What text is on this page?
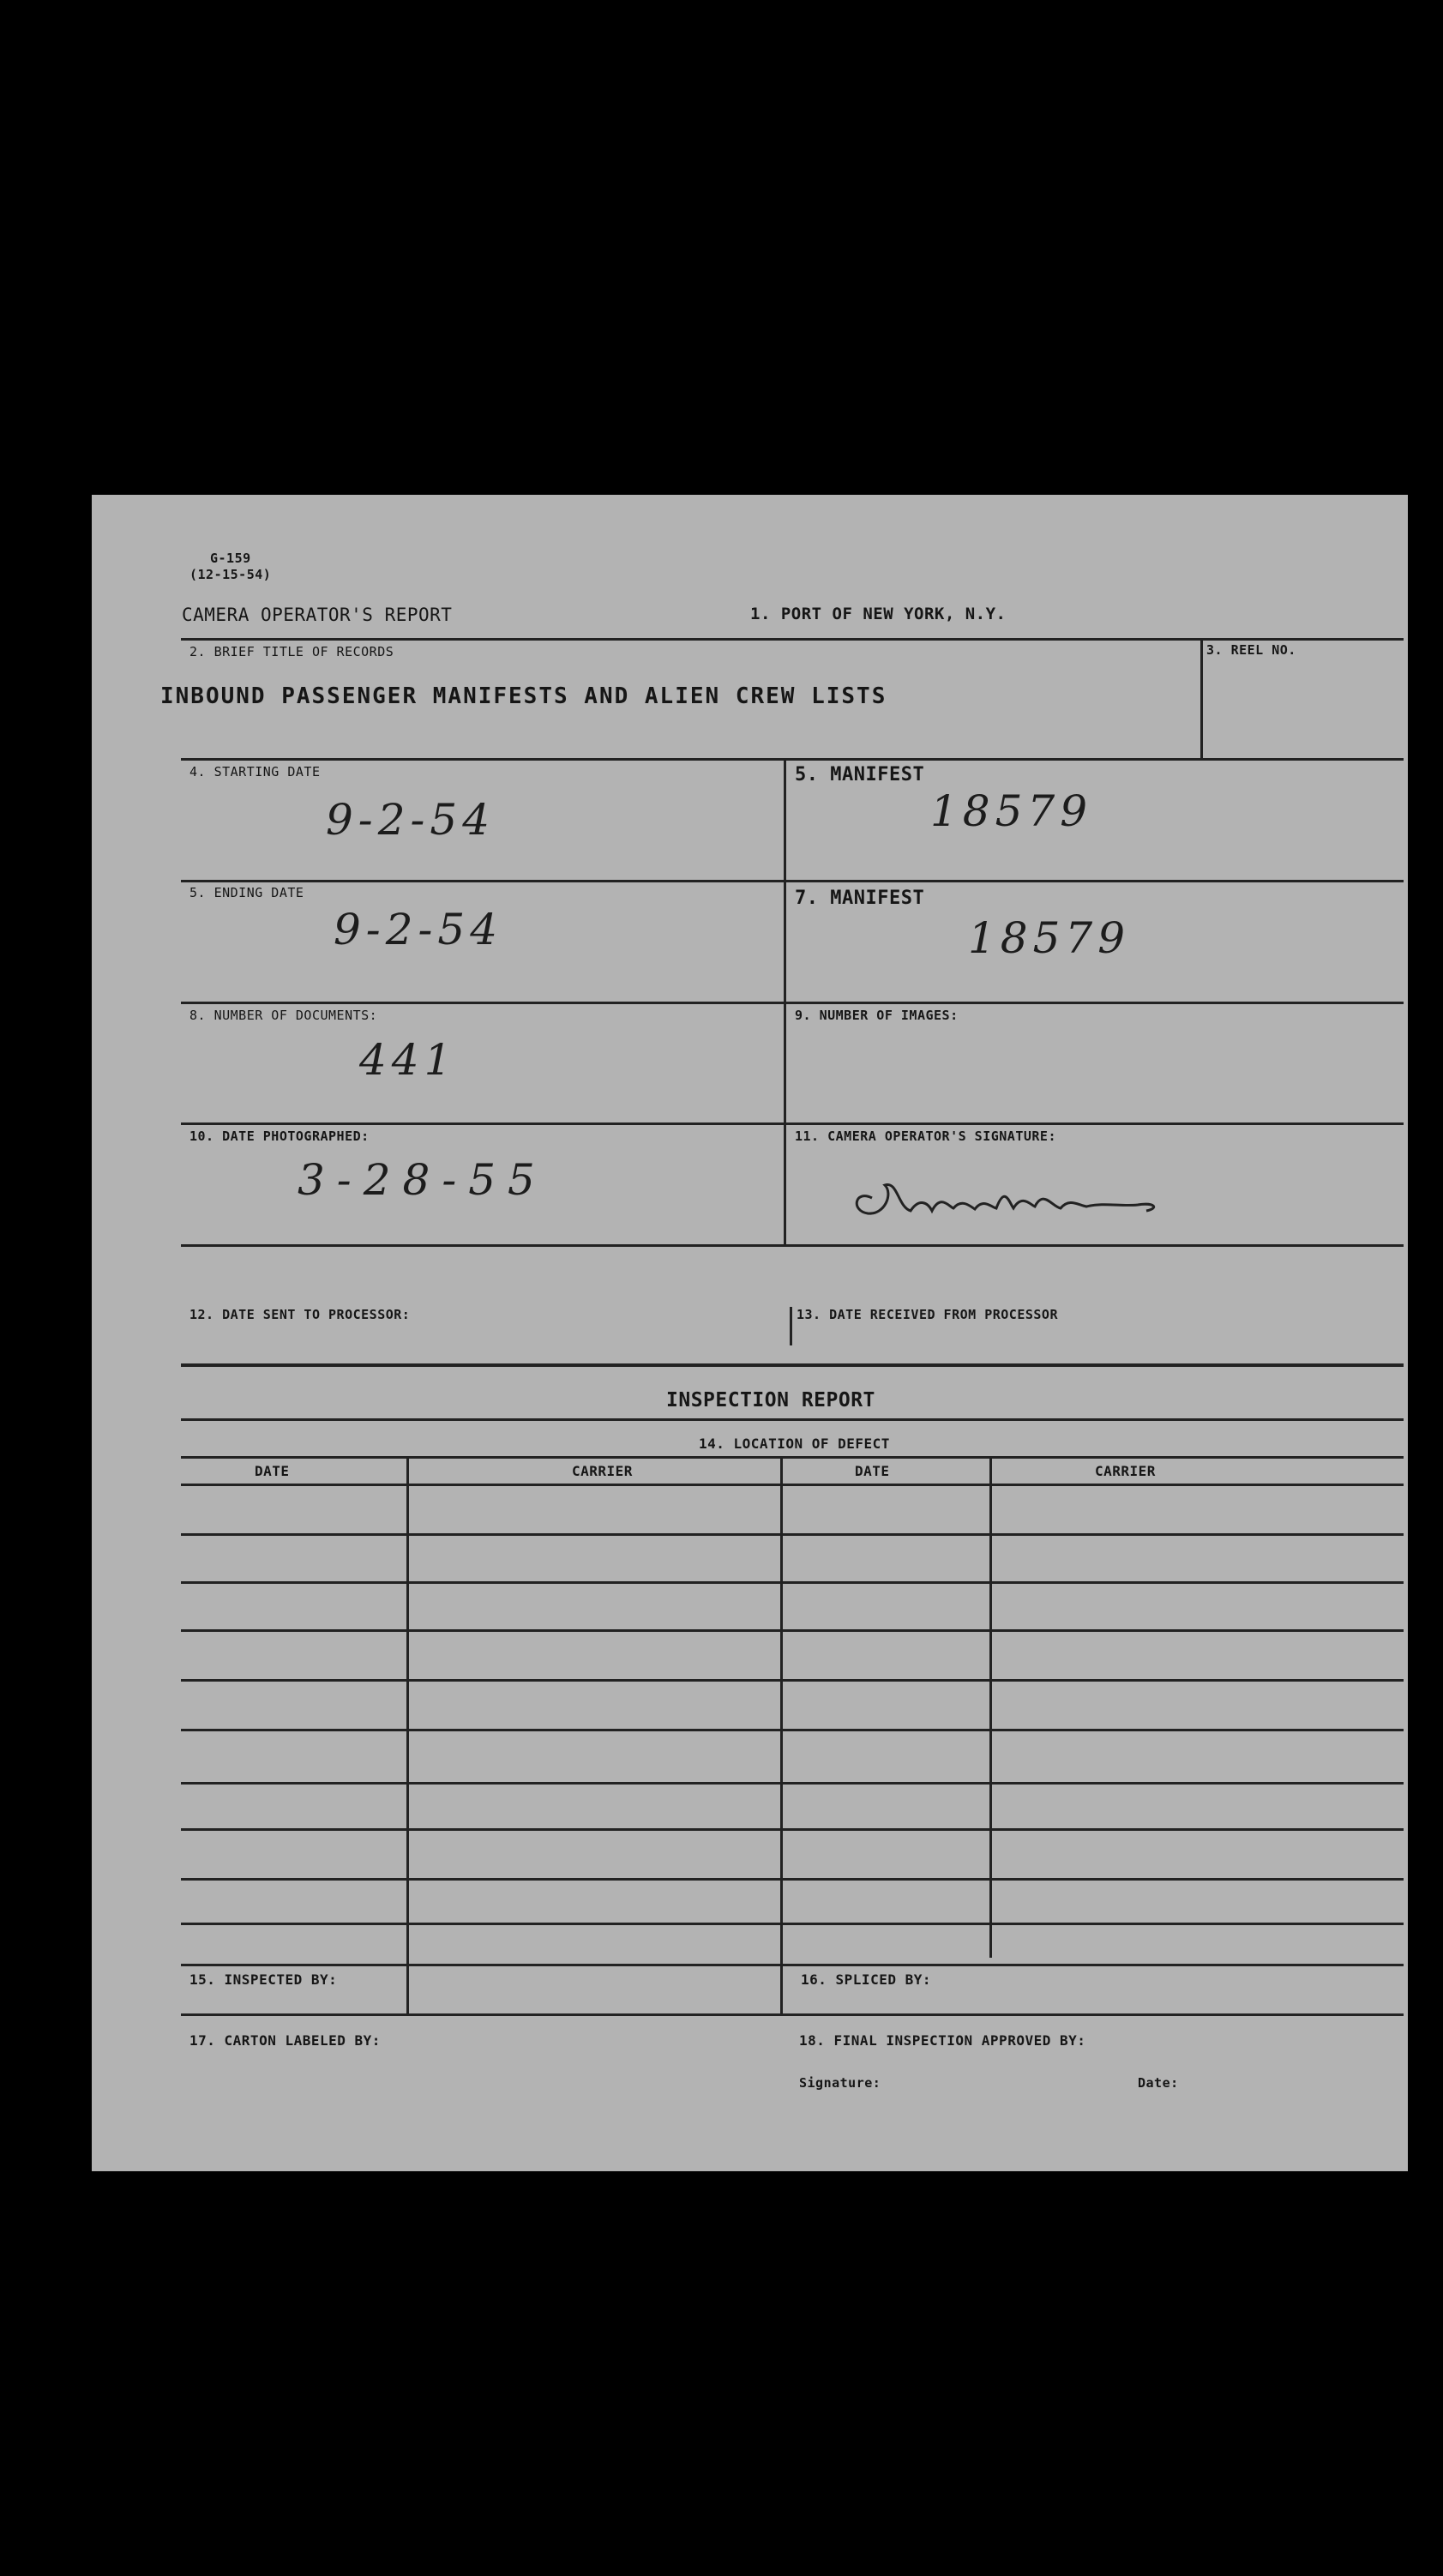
G-159
(12-15-54)
CAMERA OPERATOR'S REPORT	1. PORT OF NEW YORK, N.Y.
2. BRIEF TITLE OF RECORDS
INBOUND PASSENGER MANIFESTS AND ALIEN CREW LISTS
3. REEL NO.
4. STARTING DATE
9-2-54
5. MANIFEST
18579
5. ENDING DATE
9-2-54
7. MANIFEST
18579
8. NUMBER OF DOCUMENTS:
441
9. NUMBER OF IMAGES:
10. DATE PHOTOGRAPHED:
3-28-55
11. CAMERA OPERATOR'S SIGNATURE:
12. DATE SENT TO PROCESSOR:	13. DATE RECEIVED FROM PROCESSOR
INSPECTION REPORT
14. LOCATION OF DEFECT
DATE	CARRIER	DATE	CARRIER
15. INSPECTED BY:	16. SPLICED BY:
17. CARTON LABELED BY:	18. FINAL INSPECTION APPROVED BY:
Signature:	Date:
